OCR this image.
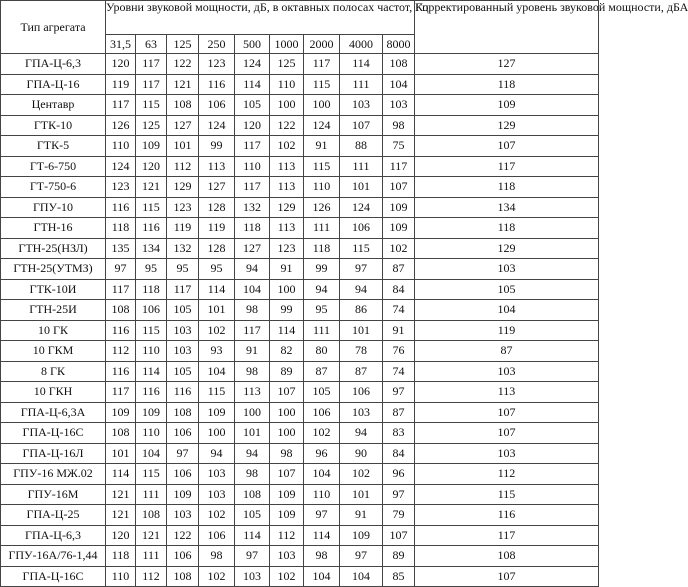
Тип агрегата	Уровни звуковой мощности, дБ, в октавных полосах частот, Гц									Корректированный уровень звуковой мощности, дБА
	31,5	63	125	250	500	1000	2000	4000	8000	
ГПА-Ц-6,3	120	117	122	123	124	125	117	114	108	127
ГПА-Ц-16	119	117	121	116	114	110	115	111	104	118
Центавр	117	115	108	106	105	100	100	103	103	109
ГТК-10	126	125	127	124	120	122	124	107	98	129
ГТК-5	110	109	101	99	117	102	91	88	75	107
ГТ-6-750	124	120	112	113	110	113	115	111	117	117
ГТ-750-6	123	121	129	127	117	113	110	101	107	118
ГПУ-10	116	115	123	128	132	129	126	124	109	134
ГТН-16	118	116	119	119	118	113	111	106	109	118
ГТН-25(НЗЛ)	135	134	132	128	127	123	118	115	102	129
ГТН-25(УТМЗ)	97	95	95	95	94	91	99	97	87	103
ГТК-10И	117	118	117	114	104	100	94	94	84	105
ГТН-25И	108	106	105	101	98	99	95	86	74	104
10 ГК	116	115	103	102	117	114	111	101	91	119
10 ГКМ	112	110	103	93	91	82	80	78	76	87
8 ГК	116	114	105	104	98	89	87	87	74	103
10 ГКН	117	116	116	115	113	107	105	106	97	113
ГПА-Ц-6,3А	109	109	108	109	100	100	106	103	87	107
ГПА-Ц-16С	108	110	106	100	101	100	102	94	83	107
ГПА-Ц-16Л	101	104	97	94	94	98	96	90	84	103
ГПУ-16 МЖ.02	114	115	106	103	98	107	104	102	96	112
ГПУ-16М	121	111	109	103	108	109	110	101	97	115
ГПА-Ц-25	121	108	103	102	105	109	97	91	79	116
ГПА-Ц-6,3	120	121	122	106	114	112	114	109	107	117
ГПУ-16А/76-1,44	118	111	106	98	97	103	98	97	89	108
ГПА-Ц-16С	110	112	108	102	103	102	104	104	85	107
